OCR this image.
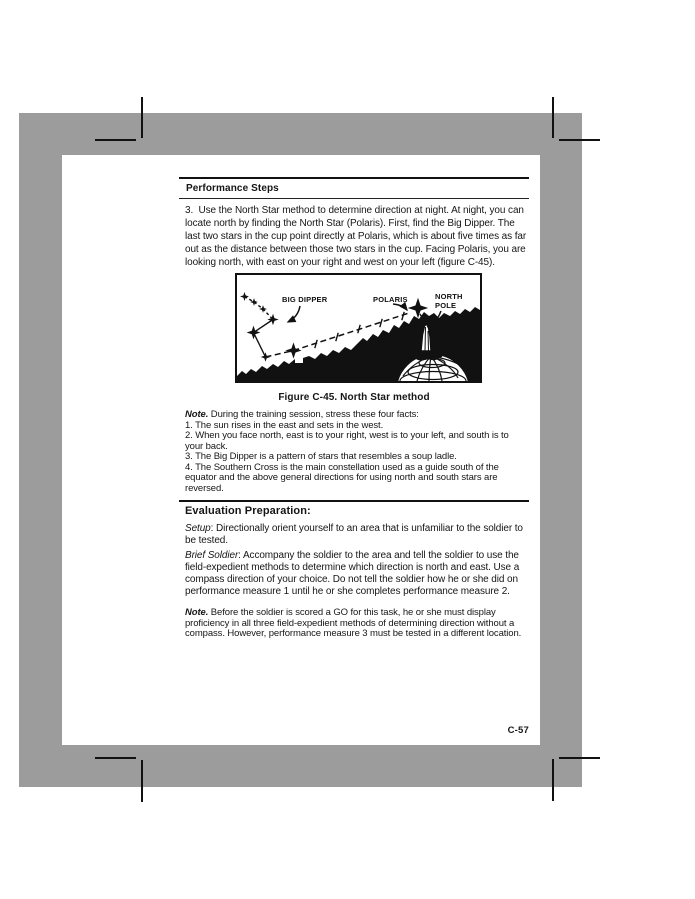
Performance Steps

3.  Use the North Star method to determine direction at night. At night, you can locate north by finding the North Star (Polaris). First, find the Big Dipper. The last two stars in the cup point directly at Polaris, which is about five times as far out as the distance between those two stars in the cup. Facing Polaris, you are looking north, with east on your right and west on your left (figure C-45).

BIG DIPPER	POLARIS	NORTH
POLE
Figure C-45. North Star method
Note. During the training session, stress these four facts:
1. The sun rises in the east and sets in the west.
2. When you face north, east is to your right, west is to your left, and south is to your back.
3. The Big Dipper is a pattern of stars that resembles a soup ladle.
4. The Southern Cross is the main constellation used as a guide south of the equator and the above general directions for using north and south stars are reversed.
Evaluation Preparation:

Setup: Directionally orient yourself to an area that is unfamiliar to the soldier to be tested.

Brief Soldier: Accompany the soldier to the area and tell the soldier to use the field-expedient methods to determine which direction is north and east. Use a compass direction of your choice. Do not tell the soldier how he or she did on performance measure 1 until he or she completes performance measure 2.

Note. Before the soldier is scored a GO for this task, he or she must display proficiency in all three field-expedient methods of determining direction without a compass. However, performance measure 3 must be tested in a different location.
C-57
